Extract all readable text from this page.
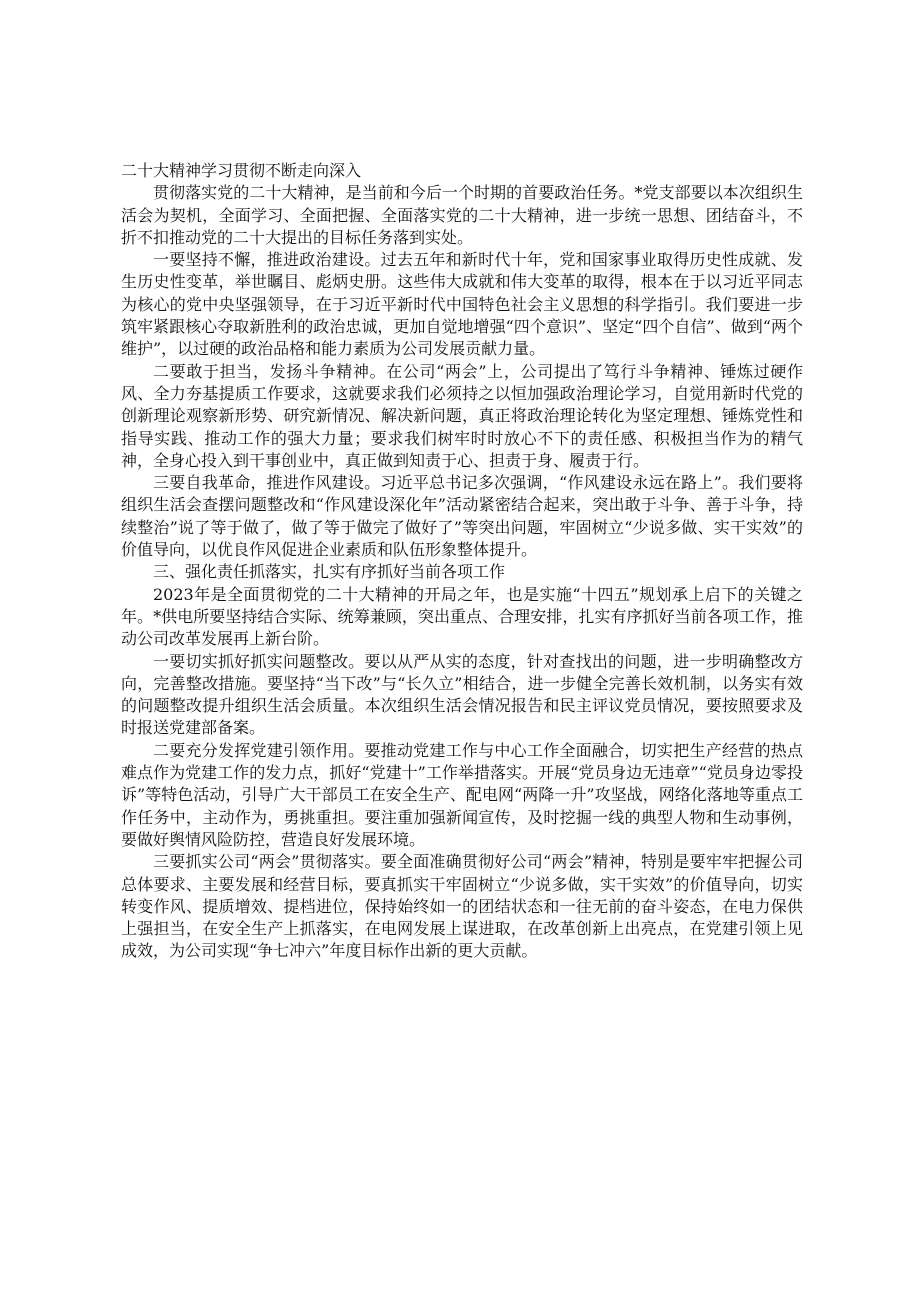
二十大精神学习贯彻不断走向深入

贯彻落实党的二十大精神，是当前和今后一个时期的首要政治任务。*党支部要以本次组织生活会为契机，全面学习、全面把握、全面落实党的二十大精神，进一步统一思想、团结奋斗，不折不扣推动党的二十大提出的目标任务落到实处。

一要坚持不懈，推进政治建设。过去五年和新时代十年，党和国家事业取得历史性成就、发生历史性变革，举世瞩目、彪炳史册。这些伟大成就和伟大变革的取得，根本在于以习近平同志为核心的党中央坚强领导，在于习近平新时代中国特色社会主义思想的科学指引。我们要进一步筑牢紧跟核心夺取新胜利的政治忠诚，更加自觉地增强“四个意识”、坚定“四个自信”、做到“两个维护”，以过硬的政治品格和能力素质为公司发展贡献力量。

二要敢于担当，发扬斗争精神。在公司“两会”上，公司提出了笃行斗争精神、锤炼过硬作风、全力夯基提质工作要求，这就要求我们必须持之以恒加强政治理论学习，自觉用新时代党的创新理论观察新形势、研究新情况、解决新问题，真正将政治理论转化为坚定理想、锤炼党性和指导实践、推动工作的强大力量；要求我们树牢时时放心不下的责任感、积极担当作为的精气神，全身心投入到干事创业中，真正做到知责于心、担责于身、履责于行。

三要自我革命，推进作风建设。习近平总书记多次强调，“作风建设永远在路上”。我们要将组织生活会查摆问题整改和“作风建设深化年”活动紧密结合起来，突出敢于斗争、善于斗争，持续整治”说了等于做了，做了等于做完了做好了”等突出问题，牢固树立“少说多做、实干实效”的价值导向，以优良作风促进企业素质和队伍形象整体提升。

三、强化责任抓落实，扎实有序抓好当前各项工作

2023年是全面贯彻党的二十大精神的开局之年，也是实施“十四五”规划承上启下的关键之年。*供电所要坚持结合实际、统筹兼顾，突出重点、合理安排，扎实有序抓好当前各项工作，推动公司改革发展再上新台阶。

一要切实抓好抓实问题整改。要以从严从实的态度，针对查找出的问题，进一步明确整改方向，完善整改措施。要坚持“当下改”与“长久立”相结合，进一步健全完善长效机制，以务实有效的问题整改提升组织生活会质量。本次组织生活会情况报告和民主评议党员情况，要按照要求及时报送党建部备案。

二要充分发挥党建引领作用。要推动党建工作与中心工作全面融合，切实把生产经营的热点难点作为党建工作的发力点，抓好“党建十”工作举措落实。开展“党员身边无违章”“党员身边零投诉”等特色活动，引导广大干部员工在安全生产、配电网“两降一升”攻坚战，网络化落地等重点工作任务中，主动作为，勇挑重担。要注重加强新闻宣传，及时挖掘一线的典型人物和生动事例，要做好舆情风险防控，营造良好发展环境。

三要抓实公司“两会”贯彻落实。要全面准确贯彻好公司“两会”精神，特别是要牢牢把握公司总体要求、主要发展和经营目标，要真抓实干牢固树立“少说多做，实干实效”的价值导向，切实转变作风、提质增效、提档进位，保持始终如一的团结状态和一往无前的奋斗姿态，在电力保供上强担当，在安全生产上抓落实，在电网发展上谋进取，在改革创新上出亮点，在党建引领上见成效，为公司实现“争七冲六”年度目标作出新的更大贡献。
